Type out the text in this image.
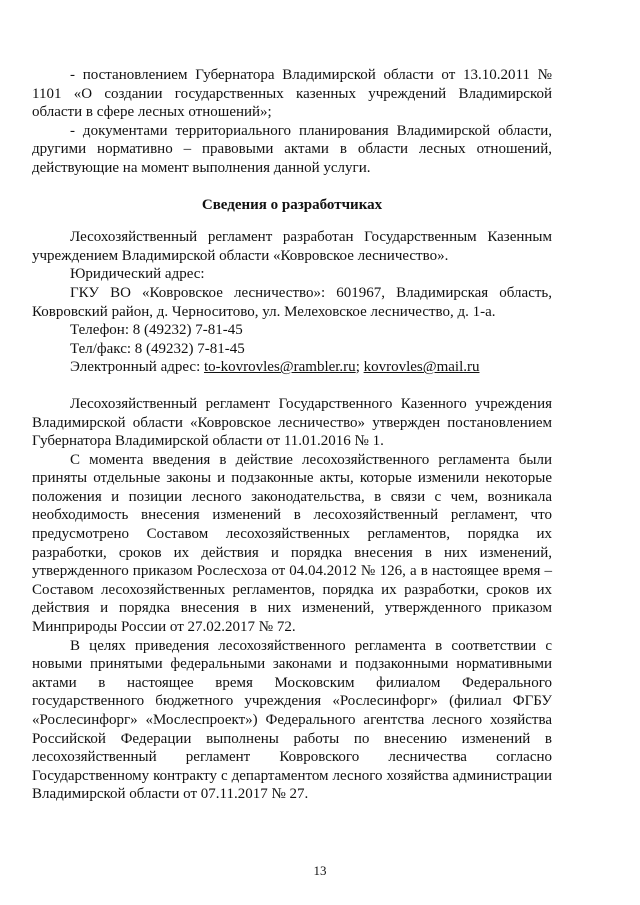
- постановлением Губернатора Владимирской области от 13.10.2011 № 1101 «О создании государственных казенных учреждений Владимирской области в сфере лесных отношений»;

- документами территориального планирования Владимирской области, другими нормативно – правовыми актами в области лесных отношений, действующие на момент выполнения данной услуги.

Сведения о разработчиках

Лесохозяйственный регламент разработан Государственным Казенным учреждением Владимирской области «Ковровское лесничество».

Юридический адрес:

ГКУ ВО «Ковровское лесничество»: 601967, Владимирская область, Ковровский район, д. Черноситово, ул. Мелеховское лесничество, д. 1-а.

Телефон: 8 (49232) 7-81-45

Тел/факс: 8 (49232) 7-81-45

Электронный адрес: to-kovrovles@rambler.ru; kovrovles@mail.ru

Лесохозяйственный регламент Государственного Казенного учреждения Владимирской области «Ковровское лесничество» утвержден постановлением Губернатора Владимирской области от 11.01.2016 № 1.

С момента введения в действие лесохозяйственного регламента были приняты отдельные законы и подзаконные акты, которые изменили некоторые положения и позиции лесного законодательства, в связи с чем, возникала необходимость внесения изменений в лесохозяйственный регламент, что предусмотрено Составом лесохозяйственных регламентов, порядка их разработки, сроков их действия и порядка внесения в них изменений, утвержденного приказом Рослесхоза от 04.04.2012 № 126, а в настоящее время – Составом лесохозяйственных регламентов, порядка их разработки, сроков их действия и порядка внесения в них изменений, утвержденного приказом Минприроды России от 27.02.2017 № 72.

В целях приведения лесохозяйственного регламента в соответствии с новыми принятыми федеральными законами и подзаконными нормативными актами в настоящее время Московским филиалом Федерального государственного бюджетного учреждения «Рослесинфорг» (филиал ФГБУ «Рослесинфорг» «Мослеспроект») Федерального агентства лесного хозяйства Российской Федерации выполнены работы по внесению изменений в лесохозяйственный регламент Ковровского лесничества согласно Государственному контракту с департаментом лесного хозяйства администрации Владимирской области от 07.11.2017 № 27.

13
